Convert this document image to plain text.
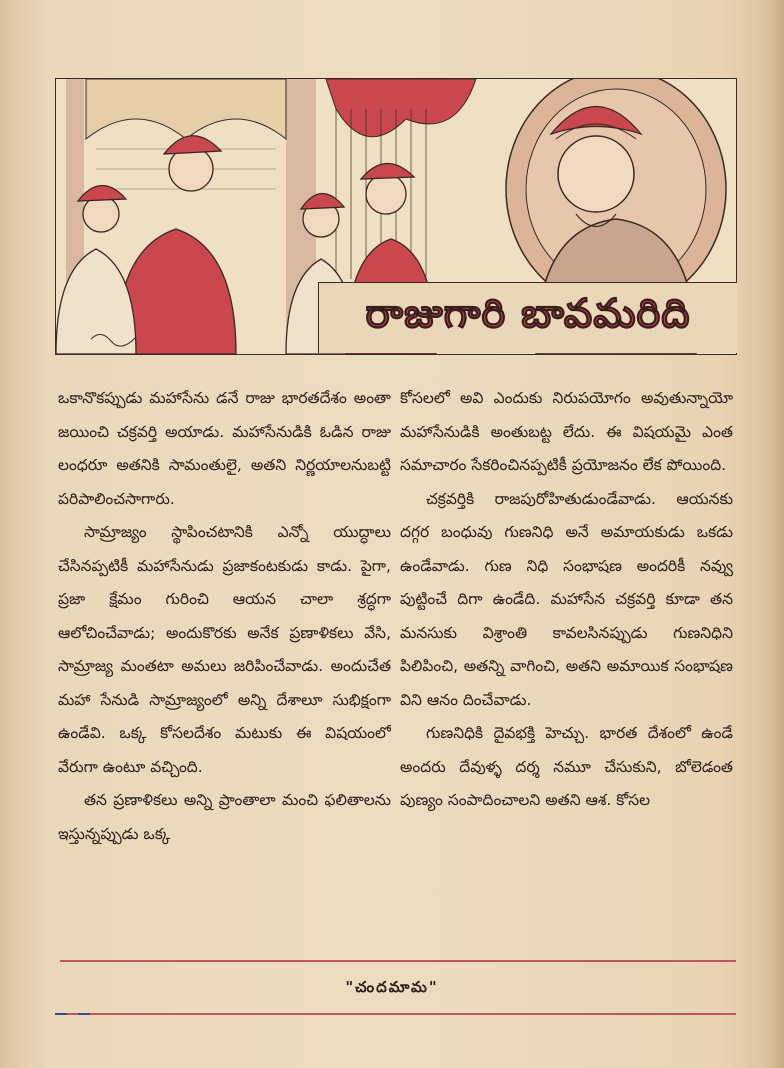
రాజుగారి బావమరిది

ఒకానొకప్పుడు మహాసేను డనే రాజు భారతదేశం అంతా జయించి చక్రవర్తి అయాడు. మహాసేనుడికి ఓడిన రాజు లంధరూ అతనికి సామంతులై, అతని నిర్ణయాలనుబట్టి పరిపాలించసాగారు.

సామ్రాజ్యం స్థాపించటానికి ఎన్నో యుద్ధాలు చేసినప్పటికీ మహాసేనుడు ప్రజాకంటకుడు కాడు. పైగా, ప్రజా క్షేమం గురించి ఆయన చాలా శ్రద్ధగా ఆలోచించేవాడు; అందుకొరకు అనేక ప్రణాళికలు వేసి, సామ్రాజ్య మంతటా అమలు జరిపించేవాడు. అందుచేత మహా సేనుడి సామ్రాజ్యంలో అన్ని దేశాలూ సుభిక్షంగా ఉండేవి. ఒక్క కోసలదేశం మటుకు ఈ విషయంలో వేరుగా ఉంటూ వచ్చింది.

తన ప్రణాళికలు అన్ని ప్రాంతాలా మంచి ఫలితాలను ఇస్తున్నప్పుడు ఒక్క

కోసలలో అవి ఎందుకు నిరుపయోగం అవుతున్నాయో మహాసేనుడికి అంతుబట్ట లేదు. ఈ విషయమై ఎంత సమాచారం సేకరించినప్పటికీ ప్రయోజనం లేక పోయింది.

చక్రవర్తికి రాజపురోహితుడుండేవాడు. ఆయనకు దగ్గర బంధువు గుణనిధి అనే అమాయకుడు ఒకడు ఉండేవాడు. గుణ నిధి సంభాషణ అందరికీ నవ్వు పుట్టించే దిగా ఉండేది. మహాసేన చక్రవర్తి కూడా తన మనసుకు విశ్రాంతి కావలసినప్పుడు గుణనిధిని పిలిపించి, అతన్ని వాగించి, అతని అమాయిక సంభాషణ విని ఆనం దించేవాడు.

గుణనిధికి దైవభక్తి హెచ్చు. భారత దేశంలో ఉండే అందరు దేవుళ్ళ దర్శ నమూ చేసుకుని, బోలెడంత పుణ్యం సంపాదించాలని అతని ఆశ. కోసల

"చందమామ"
